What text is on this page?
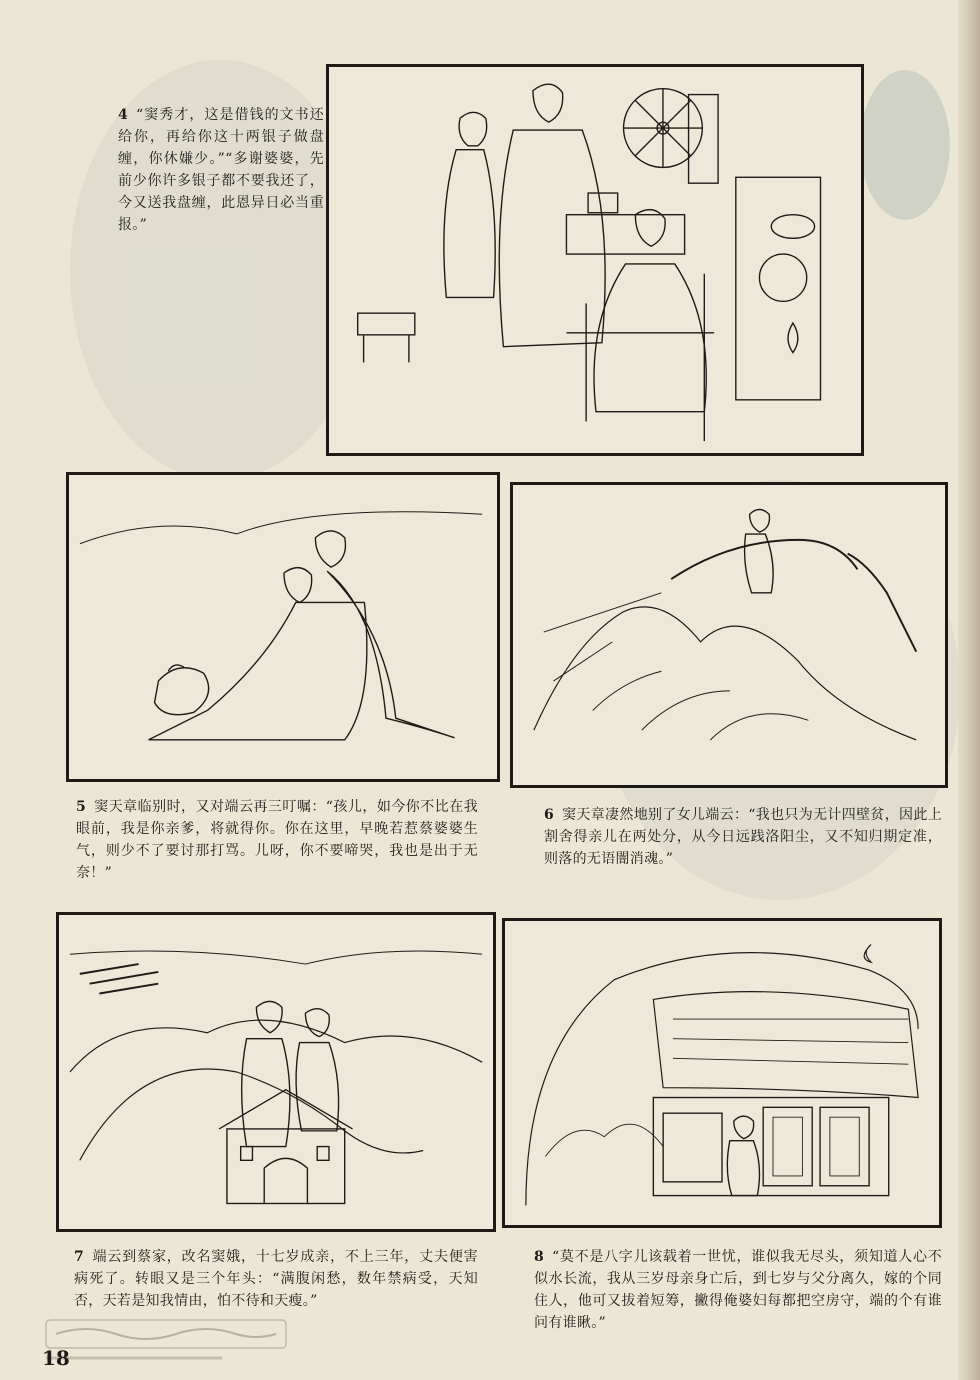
4 “窦秀才，这是借钱的文书还给你，再给你这十两银子做盘缠，你休嫌少。”“多谢婆婆，先前少你许多银子都不要我还了，今又送我盘缠，此恩异日必当重报。”
5 窦天章临别时，又对端云再三叮嘱：“孩儿，如今你不比在我眼前，我是你亲爹，将就得你。你在这里，早晚若惹蔡婆婆生气，则少不了要讨那打骂。儿呀，你不要啼哭，我也是出于无奈！”
6 窦天章凄然地别了女儿端云：“我也只为无计四壁贫，因此上割舍得亲儿在两处分，从今日远践洛阳尘，又不知归期定准，则落的无语闇消魂。”
7 端云到蔡家，改名窦娥，十七岁成亲，不上三年，丈夫便害病死了。转眼又是三个年头：“满腹闲愁，数年禁病受，天知否，天若是知我情由，怕不待和天瘦。”
8 “莫不是八字儿该载着一世忧，谁似我无尽头，须知道人心不似水长流，我从三岁母亲身亡后，到七岁与父分离久，嫁的个同住人，他可又拔着短筹，撇得俺婆妇每都把空房守，端的个有谁问有谁瞅。”
18
